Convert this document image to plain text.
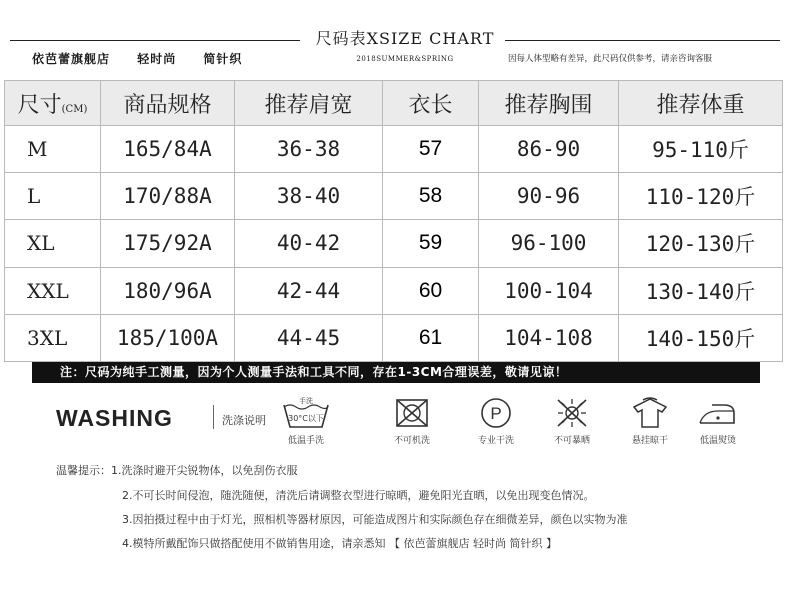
尺码表XSIZE CHART
2018SUMMER&SPRING
依芭蕾旗舰店 轻时尚 简针织	因每人体型略有差异，此尺码仅供参考，请亲咨询客服
尺寸(CM)	商品规格	推荐肩宽	衣长	推荐胸围	推荐体重
M	165/84A	36-38	57	86-90	95-110斤
L	170/88A	38-40	58	90-96	110-120斤
XL	175/92A	40-42	59	96-100	120-130斤
XXL	180/96A	42-44	60	100-104	130-140斤
3XL	185/100A	44-45	61	104-108	140-150斤
注：尺码为纯手工测量，因为个人测量手法和工具不同，存在1-3CM合理误差，敬请见谅！
WASHING	洗涤说明
手洗
30°C以下
低温手洗	不可机洗
P
专业干洗	不可暴晒	悬挂晾干	低温熨烫
温馨提示：1.洗涤时避开尖锐物体，以免刮伤衣服
2.不可长时间侵泡，随洗随便，清洗后请调整衣型进行晾晒，避免阳光直晒，以免出现变色情况。
3.因拍摄过程中由于灯光，照相机等器材原因，可能造成图片和实际颜色存在细微差异，颜色以实物为准
4.模特所戴配饰只做搭配使用不做销售用途，请亲悉知 【 依芭蕾旗舰店 轻时尚 简针织 】
